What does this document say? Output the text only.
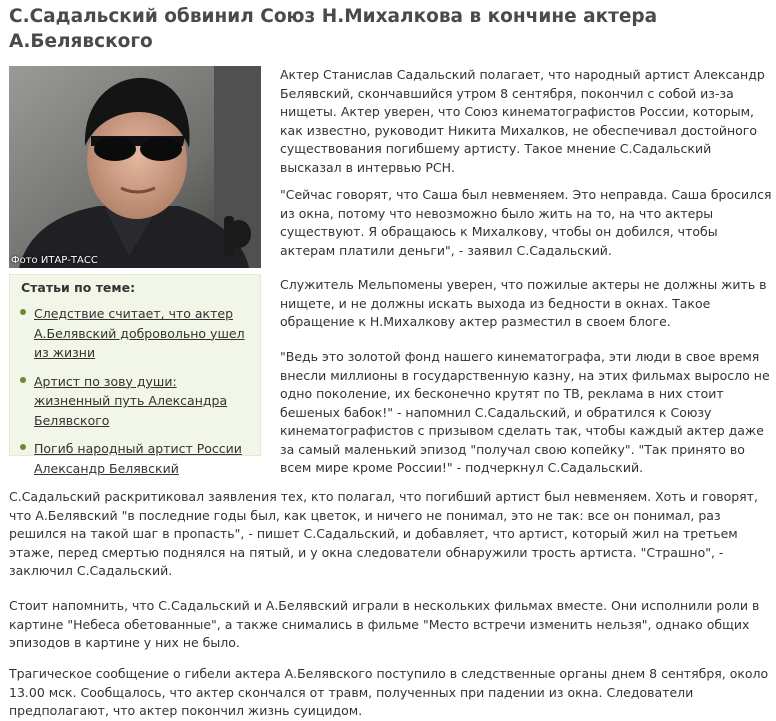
С.Садальский обвинил Союз Н.Михалкова в кончине актера А.Белявского
Фото ИТАР-ТАСС
Статьи по теме:
Следствие считает, что актер А.Белявский добровольно ушел из жизни
Артист по зову души: жизненный путь Александра Белявского
Погиб народный артист России Александр Белявский

Актер Станислав Садальский полагает, что народный артист Александр Белявский, скончавшийся утром 8 сентября, покончил с собой из-за нищеты. Актер уверен, что Союз кинематографистов России, которым, как известно, руководит Никита Михалков, не обеспечивал достойного существования погибшему артисту. Такое мнение С.Садальский высказал в интервью РСН.

"Сейчас говорят, что Саша был невменяем. Это неправда. Саша бросился из окна, потому что невозможно было жить на то, на что актеры существуют. Я обращаюсь к Михалкову, чтобы он добился, чтобы актерам платили деньги", - заявил С.Садальский.

Служитель Мельпомены уверен, что пожилые актеры не должны жить в нищете, и не должны искать выхода из бедности в окнах. Такое обращение к Н.Михалкову актер разместил в своем блоге.

"Ведь это золотой фонд нашего кинематографа, эти люди в свое время внесли миллионы в государственную казну, на этих фильмах выросло не одно поколение, их бесконечно крутят по ТВ, реклама в них стоит бешеных бабок!" - напомнил С.Садальский, и обратился к Союзу кинематографистов с призывом сделать так, чтобы каждый актер даже за самый маленький эпизод "получал свою копейку". "Так принято во всем мире кроме России!" - подчеркнул С.Садальский.

С.Садальский раскритиковал заявления тех, кто полагал, что погибший артист был невменяем. Хоть и говорят, что А.Белявский "в последние годы был, как цветок, и ничего не понимал, это не так: все он понимал, раз решился на такой шаг в пропасть", - пишет С.Садальский, и добавляет, что артист, который жил на третьем этаже, перед смертью поднялся на пятый, и у окна следователи обнаружили трость артиста. "Страшно", - заключил С.Садальский.

Стоит напомнить, что С.Садальский и А.Белявский играли в нескольких фильмах вместе. Они исполнили роли в картине "Небеса обетованные", а также снимались в фильме "Место встречи изменить нельзя", однако общих эпизодов в картине у них не было.

Трагическое сообщение о гибели актера А.Белявского поступило в следственные органы днем 8 сентября, около 13.00 мск. Сообщалось, что актер скончался от травм, полученных при падении из окна. Следователи предполагают, что актер покончил жизнь суицидом.
